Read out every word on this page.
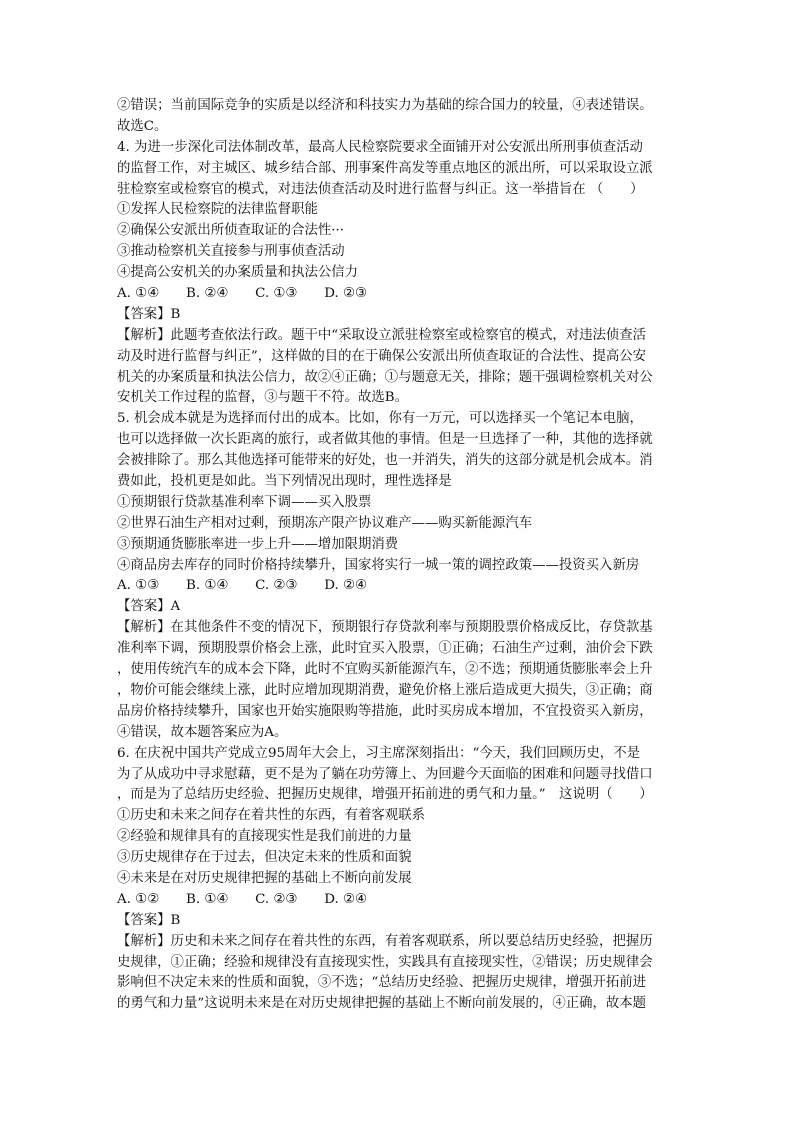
②错误；当前国际竞争的实质是以经济和科技实力为基础的综合国力的较量，④表述错误。
故选C。
4. 为进一步深化司法体制改革，最高人民检察院要求全面铺开对公安派出所刑事侦查活动
的监督工作，对主城区、城乡结合部、刑事案件高发等重点地区的派出所，可以采取设立派
驻检察室或检察官的模式，对违法侦查活动及时进行监督与纠正。这一举措旨在 （　　）
①发挥人民检察院的法律监督职能
②确保公安派出所侦查取证的合法性···
③推动检察机关直接参与刑事侦查活动
④提高公安机关的办案质量和执法公信力
A. ①④　　B. ②④　　C. ①③　　D. ②③
【答案】B
【解析】此题考查依法行政。题干中“采取设立派驻检察室或检察官的模式，对违法侦查活
动及时进行监督与纠正”，这样做的目的在于确保公安派出所侦查取证的合法性、提高公安
机关的办案质量和执法公信力，故②④正确；①与题意无关，排除；题干强调检察机关对公
安机关工作过程的监督，③与题干不符。故选B。
5. 机会成本就是为选择而付出的成本。比如，你有一万元，可以选择买一个笔记本电脑，
也可以选择做一次长距离的旅行，或者做其他的事情。但是一旦选择了一种，其他的选择就
会被排除了。那么其他选择可能带来的好处，也一并消失，消失的这部分就是机会成本。消
费如此，投机更是如此。当下列情况出现时，理性选择是
①预期银行贷款基准利率下调——买入股票
②世界石油生产相对过剩，预期冻产限产协议难产——购买新能源汽车
③预期通货膨胀率进一步上升——增加限期消费
④商品房去库存的同时价格持续攀升，国家将实行一城一策的调控政策——投资买入新房
A. ①③　　B. ①④　　C. ②③　　D. ②④
【答案】A
【解析】在其他条件不变的情况下，预期银行存贷款利率与预期股票价格成反比，存贷款基
准利率下调，预期股票价格会上涨，此时宜买入股票，①正确；石油生产过剩，油价会下跌
，使用传统汽车的成本会下降，此时不宜购买新能源汽车，②不选；预期通货膨胀率会上升
，物价可能会继续上涨，此时应增加现期消费，避免价格上涨后造成更大损失，③正确；商
品房价格持续攀升，国家也开始实施限购等措施，此时买房成本增加，不宜投资买入新房，
④错误，故本题答案应为A。
6. 在庆祝中国共产党成立95周年大会上，习主席深刻指出：“今天，我们回顾历史，不是
为了从成功中寻求慰藉，更不是为了躺在功劳簿上、为回避今天面临的困难和问题寻找借口
，而是为了总结历史经验、把握历史规律，增强开拓前进的勇气和力量。”　这说明（　　）
①历史和未来之间存在着共性的东西，有着客观联系
②经验和规律具有的直接现实性是我们前进的力量
③历史规律存在于过去，但决定未来的性质和面貌
④未来是在对历史规律把握的基础上不断向前发展
A. ①②　　B. ①④　　C. ②③　　D. ②④
【答案】B
【解析】历史和未来之间存在着共性的东西，有着客观联系，所以要总结历史经验，把握历
史规律，①正确；经验和规律没有直接现实性，实践具有直接现实性，②错误；历史规律会
影响但不决定未来的性质和面貌，③不选；“总结历史经验、把握历史规律，增强开拓前进
的勇气和力量”这说明未来是在对历史规律把握的基础上不断向前发展的，④正确，故本题
